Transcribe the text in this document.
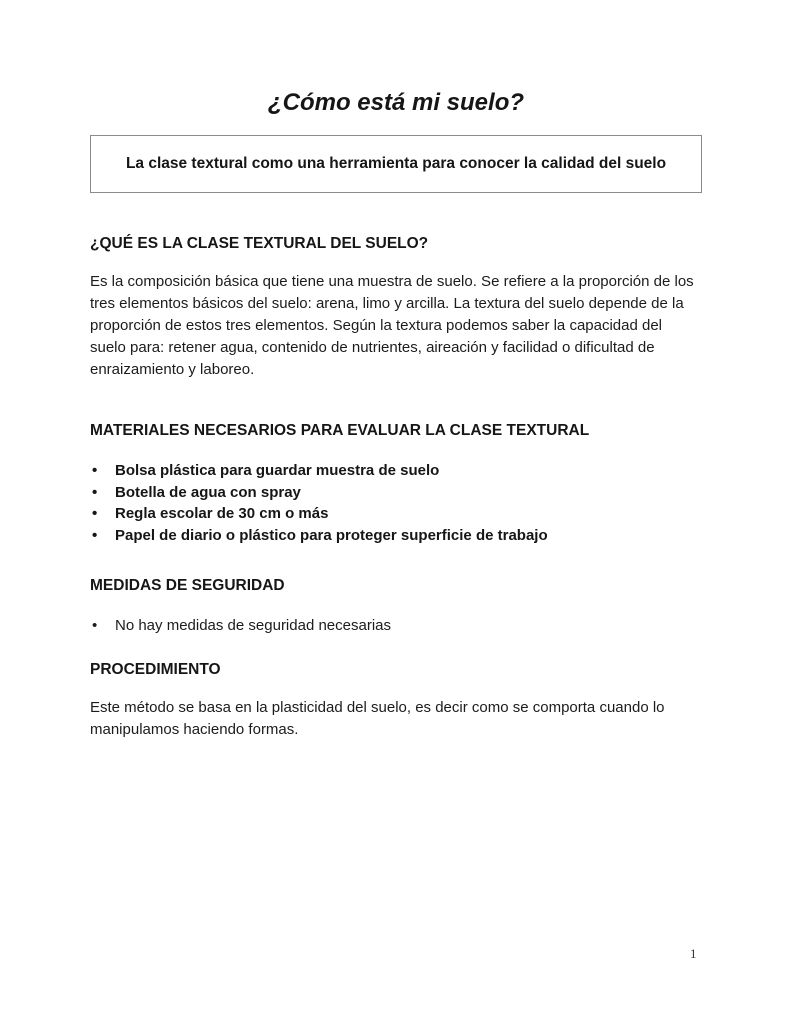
¿Cómo está mi suelo?
La clase textural como una herramienta para conocer la calidad del suelo
¿QUÉ ES LA CLASE TEXTURAL DEL SUELO?

Es la composición básica que tiene una muestra de suelo. Se refiere a la proporción de los tres elementos básicos del suelo: arena, limo y arcilla. La textura del suelo depende de la proporción de estos tres elementos. Según la textura podemos saber la capacidad del suelo para: retener agua, contenido de nutrientes, aireación y facilidad o dificultad de enraizamiento y laboreo.

MATERIALES NECESARIOS PARA EVALUAR LA CLASE TEXTURAL
• Bolsa plástica para guardar muestra de suelo
• Botella de agua con spray
• Regla escolar de 30 cm o más
• Papel de diario o plástico para proteger superficie de trabajo
MEDIDAS DE SEGURIDAD
• No hay medidas de seguridad necesarias
PROCEDIMIENTO

Este método se basa en la plasticidad del suelo, es decir como se comporta cuando lo manipulamos haciendo formas.

1
